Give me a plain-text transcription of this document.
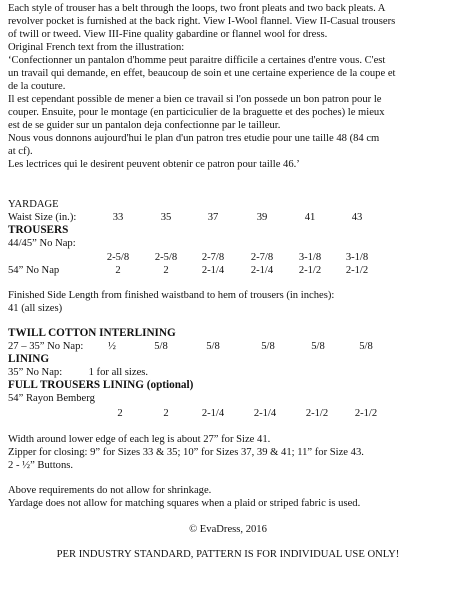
Each style of trouser has a belt through the loops, two front pleats and two back pleats. A

revolver pocket is furnished at the back right. View I-Wool flannel. View II-Casual trousers

of twill or tweed. View III-Fine quality gabardine or flannel wool for dress.

Original French text from the illustration:

‘Confectionner un pantalon d'homme peut paraitre difficile a certaines d'entre vous. C'est

un travail qui demande, en effet, beaucoup de soin et une certaine experience de la coupe et

de la couture.

Il est cependant possible de mener a bien ce travail si l'on possede un bon patron pour le

couper. Ensuite, pour le montage (en particiculier de la braguette et des poches) le mieux

est de se guider sur un pantalon deja confectionne par le tailleur.

Nous vous donnons aujourd'hui le plan d'un patron tres etudie pour une taille 48 (84 cm

at cf).

Les lectrices qui le desirent peuvent obtenir ce patron pour taille 46.’

YARDAGE
Waist Size (in.):	33	35	37	39	41	43
TROUSERS
44/45” No Nap:
2-5/8	2-5/8	2-7/8	2-7/8	3-1/8	3-1/8
54” No Nap	2	2	2-1/4	2-1/4	2-1/2	2-1/2
Finished Side Length from finished waistband to hem of trousers (in inches):
41 (all sizes)
TWILL COTTON INTERLINING
27 – 35” No Nap:	½	5/8	5/8	5/8	5/8	5/8
LINING
35” No Nap:          1 for all sizes.
FULL TROUSERS LINING (optional)
54” Rayon Bemberg
2	2	2-1/4	2-1/4	2-1/2	2-1/2
Width around lower edge of each leg is about 27” for Size 41.
Zipper for closing: 9” for Sizes 33 & 35; 10” for Sizes 37, 39 & 41; 11” for Size 43.
2 - ½” Buttons.
Above requirements do not allow for shrinkage.
Yardage does not allow for matching squares when a plaid or striped fabric is used.
© EvaDress, 2016
PER INDUSTRY STANDARD, PATTERN IS FOR INDIVIDUAL USE ONLY!
